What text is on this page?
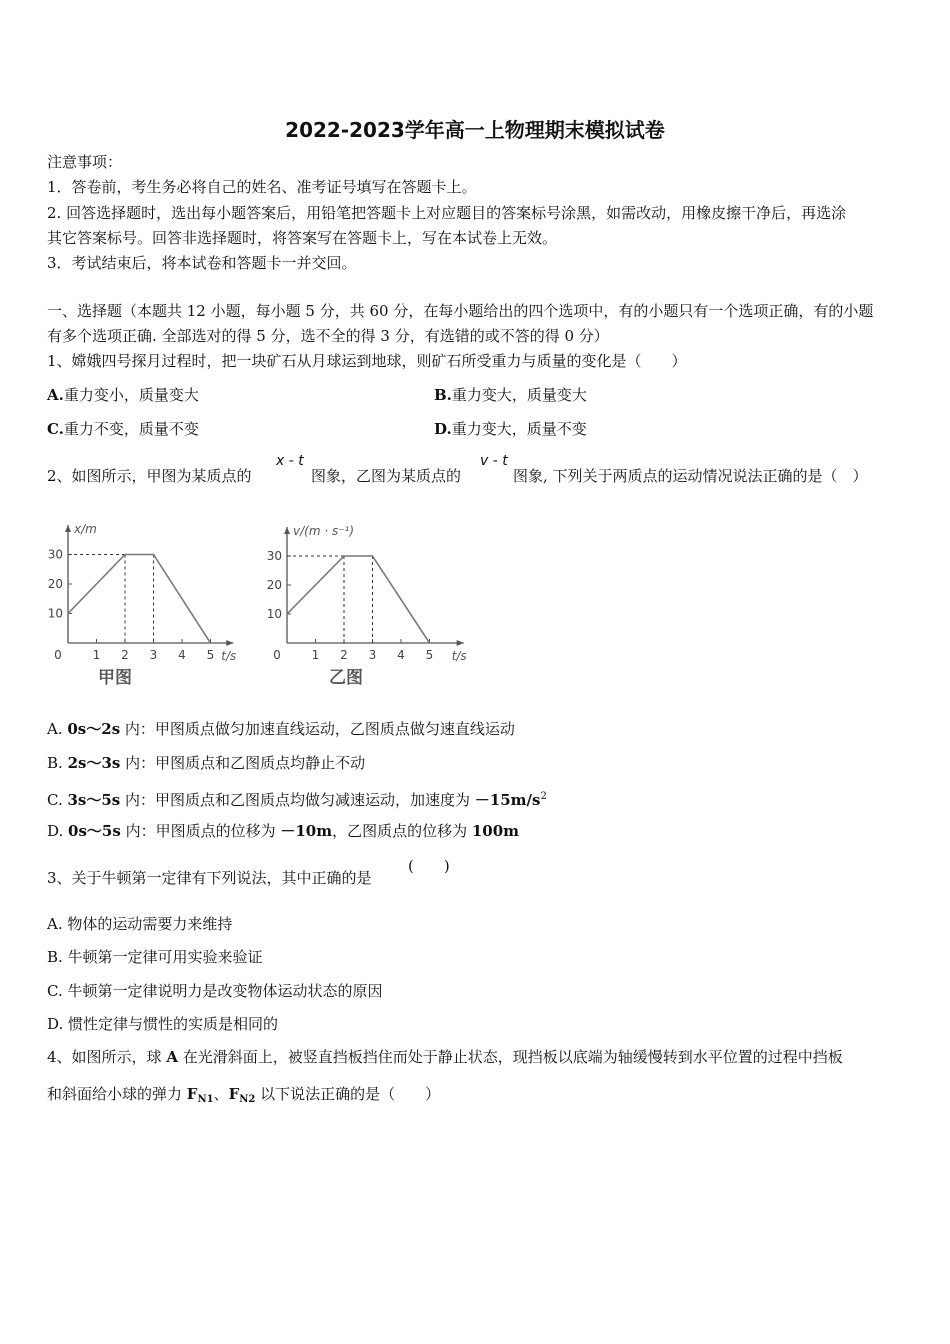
2022-2023学年高一上物理期末模拟试卷
注意事项：
1．答卷前，考生务必将自己的姓名、准考证号填写在答题卡上。
2. 回答选择题时，选出每小题答案后，用铅笔把答题卡上对应题目的答案标号涂黑，如需改动，用橡皮擦干净后，再选涂
其它答案标号。回答非选择题时，将答案写在答题卡上，写在本试卷上无效。
3．考试结束后，将本试卷和答题卡一并交回。
一、选择题（本题共 12 小题，每小题 5 分，共 60 分，在每小题给出的四个选项中，有的小题只有一个选项正确，有的小题
有多个选项正确. 全部选对的得 5 分，选不全的得 3 分，有选错的或不答的得 0 分）
1、嫦娥四号探月过程时，把一块矿石从月球运到地球，则矿石所受重力与质量的变化是（　　）
A.重力变小，质量变大	B.重力变大，质量变大
C.重力不变，质量不变	D.重力变大，质量不变
2、如图所示，甲图为某质点的
x - t
图象，乙图为某质点的
v - t
图象, 下列关于两质点的运动情况说法正确的是（　）
0	1 2 3 4 5
10
20
30
x/m
t/s
甲图
0	1 2 3 4 5
10
20
30
v/(m · s⁻¹)
t/s
乙图
A. 0s～2s 内：甲图质点做匀加速直线运动，乙图质点做匀速直线运动
B. 2s～3s 内：甲图质点和乙图质点均静止不动
C. 3s～5s 内：甲图质点和乙图质点均做匀减速运动，加速度为 $-15m/s^2$
D. 0s～5s 内：甲图质点的位移为 －10m，乙图质点的位移为 100m
3、关于牛顿第一定律有下列说法，其中正确的是
(　　)
A. 物体的运动需要力来维持
B. 牛顿第一定律可用实验来验证
C. 牛顿第一定律说明力是改变物体运动状态的原因
D. 惯性定律与惯性的实质是相同的
4、如图所示，球 A 在光滑斜面上，被竖直挡板挡住而处于静止状态，现挡板以底端为轴缓慢转到水平位置的过程中挡板
和斜面给小球的弹力 $F_{N1}$、$F_{N2}$ 以下说法正确的是（　　）
